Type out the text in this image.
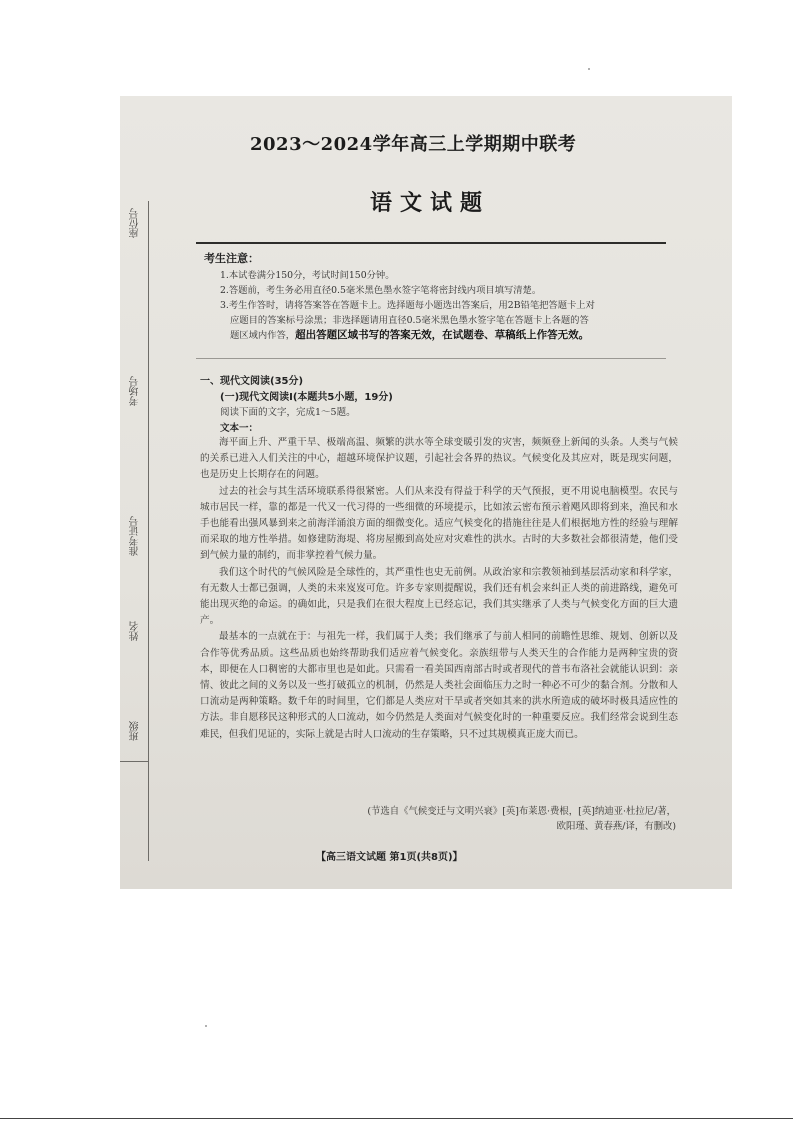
座位号
考场号
准考证号
姓名
班级
2023～2024学年高三上学期期中联考
语文试题
考生注意：
1.本试卷满分150分，考试时间150分钟。
2.答题前，考生务必用直径0.5毫米黑色墨水签字笔将密封线内项目填写清楚。
3.考生作答时，请将答案答在答题卡上。选择题每小题选出答案后，用2B铅笔把答题卡上对
应题目的答案标号涂黑；非选择题请用直径0.5毫米黑色墨水签字笔在答题卡上各题的答
题区域内作答，超出答题区域书写的答案无效，在试题卷、草稿纸上作答无效。
一、现代文阅读(35分)
(一)现代文阅读Ⅰ(本题共5小题，19分)
阅读下面的文字，完成1～5题。
文本一：

海平面上升、严重干旱、极端高温、频繁的洪水等全球变暖引发的灾害，频频登上新闻的头条。人类与气候的关系已进入人们关注的中心，超越环境保护议题，引起社会各界的热议。气候变化及其应对，既是现实问题，也是历史上长期存在的问题。

过去的社会与其生活环境联系得很紧密。人们从来没有得益于科学的天气预报，更不用说电脑模型。农民与城市居民一样，靠的都是一代又一代习得的一些细微的环境提示，比如浓云密布预示着飓风即将到来，渔民和水手也能看出强风暴到来之前海洋涌浪方面的细微变化。适应气候变化的措施往往是人们根据地方性的经验与理解而采取的地方性举措。如修建防海堤、将房屋搬到高处应对灾难性的洪水。古时的大多数社会都很清楚，他们受到气候力量的制约，而非掌控着气候力量。

我们这个时代的气候风险是全球性的，其严重性也史无前例。从政治家和宗教领袖到基层活动家和科学家，有无数人士都已强调，人类的未来岌岌可危。许多专家则提醒说，我们还有机会来纠正人类的前进路线，避免可能出现灭绝的命运。的确如此，只是我们在很大程度上已经忘记，我们其实继承了人类与气候变化方面的巨大遗产。

最基本的一点就在于：与祖先一样，我们属于人类；我们继承了与前人相同的前瞻性思维、规划、创新以及合作等优秀品质。这些品质也始终帮助我们适应着气候变化。亲族纽带与人类天生的合作能力是两种宝贵的资本，即便在人口稠密的大都市里也是如此。只需看一看美国西南部古时或者现代的普韦布洛社会就能认识到：亲情、彼此之间的义务以及一些打破孤立的机制，仍然是人类社会面临压力之时一种必不可少的黏合剂。分散和人口流动是两种策略。数千年的时间里，它们都是人类应对干旱或者突如其来的洪水所造成的破坏时极具适应性的方法。非自愿移民这种形式的人口流动，如今仍然是人类面对气候变化时的一种重要反应。我们经常会说到生态难民，但我们见证的，实际上就是古时人口流动的生存策略，只不过其规模真正庞大而已。

(节选自《气候变迁与文明兴衰》[英]布莱恩·费根，[英]纳迪亚·杜拉尼/著，
欧阳瑾、黄春燕/译，有删改)
【高三语文试题 第1页(共8页)】
